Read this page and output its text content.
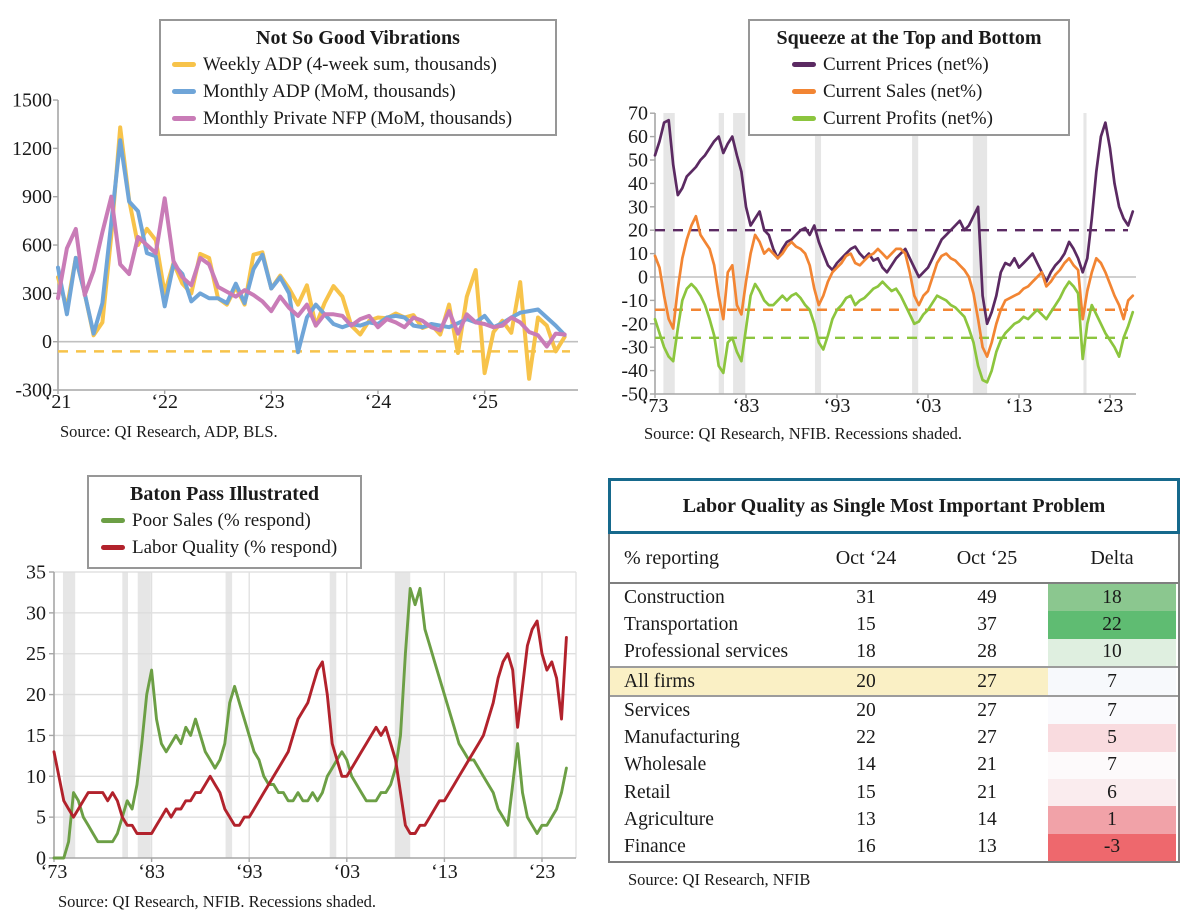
1500
1200
900
600
300
0
-300
‘21	‘22	‘23	‘24	‘25
Not So Good Vibrations
Weekly ADP (4-week sum, thousands)
Monthly ADP (MoM, thousands)
Monthly Private NFP (MoM, thousands)
Source: QI Research, ADP, BLS.
70
60
50
40
30
20
10
0
-10
-20
-30
-40
-50
‘73	‘83	‘93	‘03	‘13	‘23
Squeeze at the Top and Bottom
Current Prices (net%)
Current Sales (net%)
Current Profits (net%)
Source: QI Research, NFIB. Recessions shaded.
35
30
25
20
15
10
5
0
‘73	‘83	‘93	‘03	‘13	‘23
Baton Pass Illustrated
Poor Sales (% respond)
Labor Quality (% respond)
Source: QI Research, NFIB. Recessions shaded.
Labor Quality as Single Most Important Problem
% reporting	Oct ‘24	Oct ‘25	Delta
Construction	31	49	18
Transportation	15	37	22
Professional services	18	28	10
All firms	20	27	7
Services	20	27	7
Manufacturing	22	27	5
Wholesale	14	21	7
Retail	15	21	6
Agriculture	13	14	1
Finance	16	13	-3
Source: QI Research, NFIB
